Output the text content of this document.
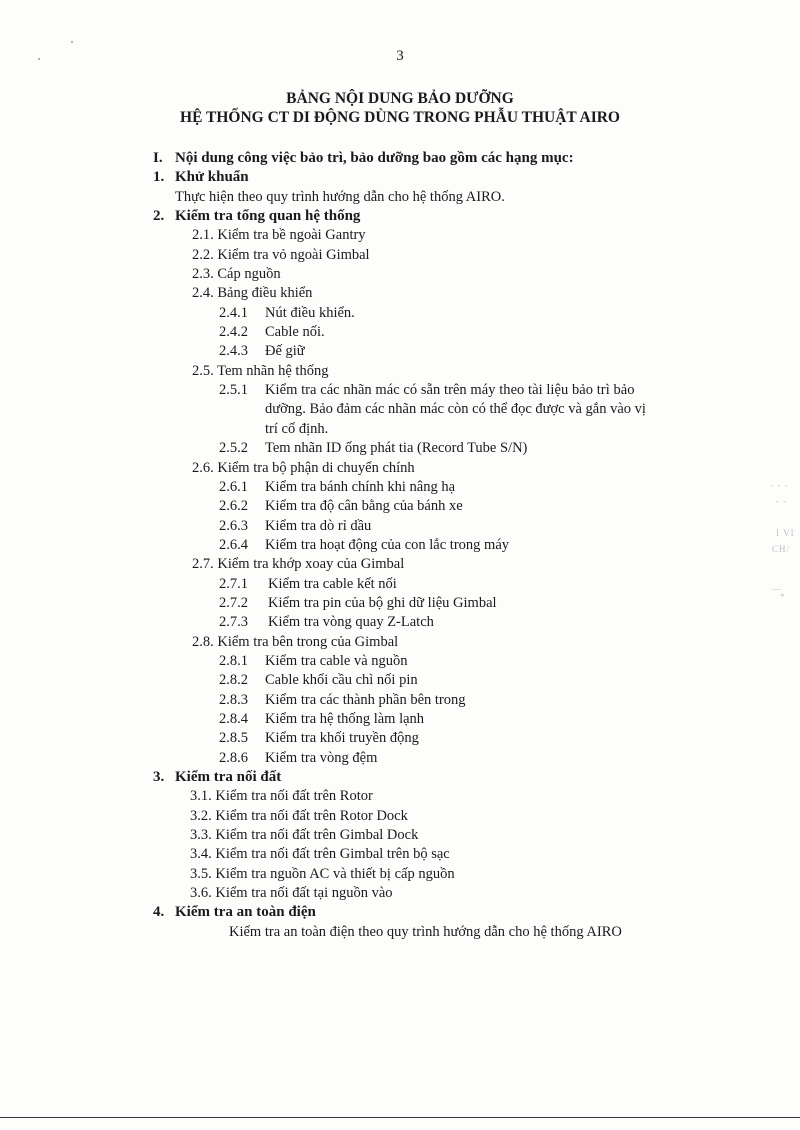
3
BẢNG NỘI DUNG BẢO DƯỠNG
HỆ THỐNG CT DI ĐỘNG DÙNG TRONG PHẪU THUẬT AIRO
I. Nội dung công việc bảo trì, bảo dưỡng bao gồm các hạng mục:
1. Khử khuẩn
Thực hiện theo quy trình hướng dẫn cho hệ thống AIRO.
2. Kiểm tra tổng quan hệ thống
2.1. Kiểm tra bề ngoài Gantry
2.2. Kiểm tra vỏ ngoài Gimbal
2.3. Cáp nguồn
2.4. Bảng điều khiển
2.4.1 Nút điều khiển.
2.4.2 Cable nối.
2.4.3 Đế giữ
2.5. Tem nhãn hệ thống
2.5.1 Kiểm tra các nhãn mác có sẵn trên máy theo tài liệu bảo trì bảo
dưỡng. Bảo đảm các nhãn mác còn có thể đọc được và gắn vào vị
trí cố định.
2.5.2 Tem nhãn ID ống phát tia (Record Tube S/N)
2.6. Kiểm tra bộ phận di chuyển chính
2.6.1 Kiểm tra bánh chính khi nâng hạ
2.6.2 Kiểm tra độ cân bằng của bánh xe
2.6.3 Kiểm tra dò rỉ dầu
2.6.4 Kiểm tra hoạt động của con lắc trong máy
2.7. Kiểm tra khớp xoay của Gimbal
2.7.1 Kiểm tra cable kết nối
2.7.2 Kiểm tra pin của bộ ghi dữ liệu Gimbal
2.7.3 Kiểm tra vòng quay Z-Latch
2.8. Kiểm tra bên trong của Gimbal
2.8.1 Kiểm tra cable và nguồn
2.8.2 Cable khối cầu chì nối pin
2.8.3 Kiểm tra các thành phần bên trong
2.8.4 Kiểm tra hệ thống làm lạnh
2.8.5 Kiểm tra khối truyền động
2.8.6 Kiểm tra vòng đệm
3. Kiểm tra nối đất
3.1. Kiểm tra nối đất trên Rotor
3.2. Kiểm tra nối đất trên Rotor Dock
3.3. Kiểm tra nối đất trên Gimbal Dock
3.4. Kiểm tra nối đất trên Gimbal trên bộ sạc
3.5. Kiểm tra nguồn AC và thiết bị cấp nguồn
3.6. Kiểm tra nối đất tại nguồn vào
4. Kiểm tra an toàn điện
Kiểm tra an toàn điện theo quy trình hướng dẫn cho hệ thống AIRO
- - -
- -
I VI
CH/
—
*
